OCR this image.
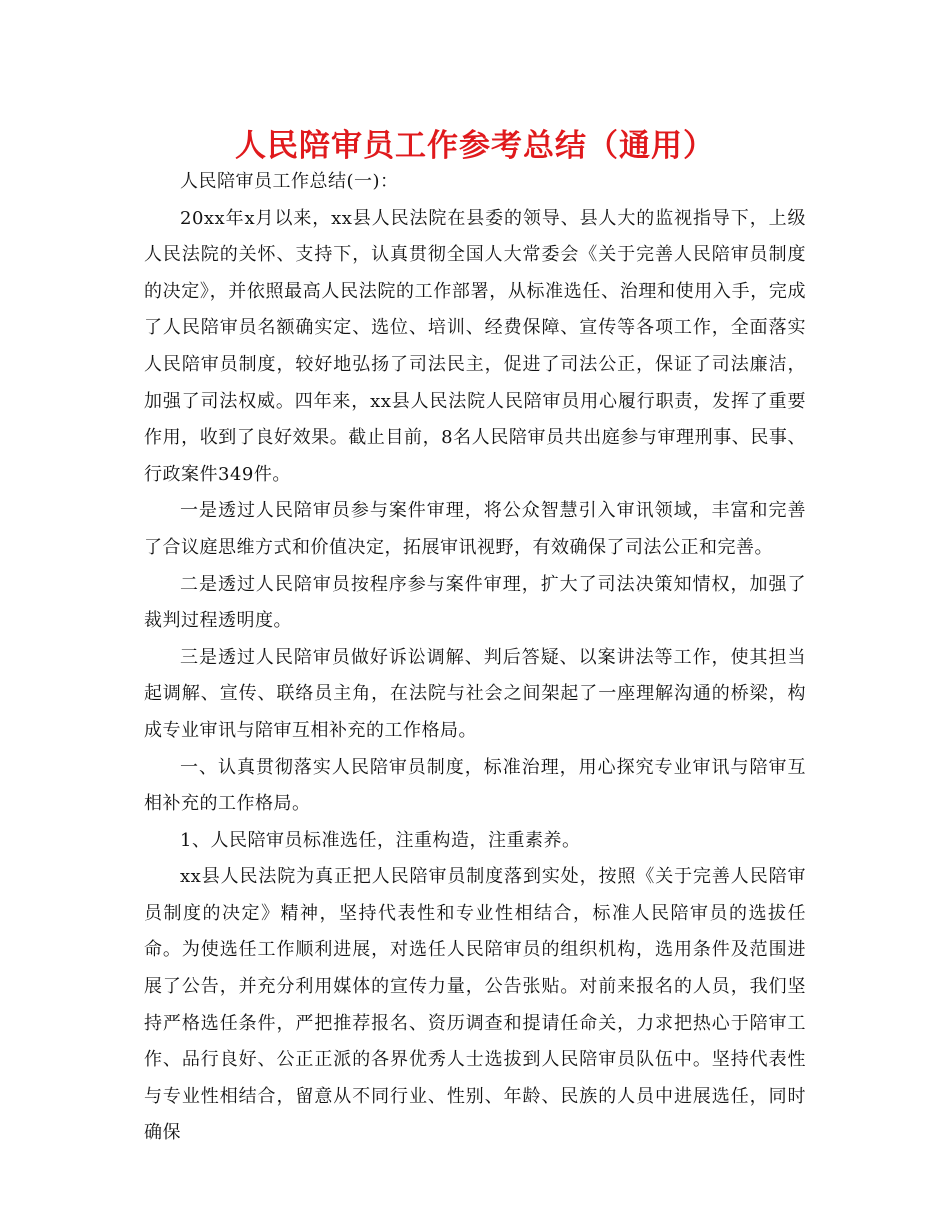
人民陪审员工作参考总结（通用）

人民陪审员工作总结(一)：

20xx年x月以来，xx县人民法院在县委的领导、县人大的监视指导下，上级人民法院的关怀、支持下，认真贯彻全国人大常委会《关于完善人民陪审员制度的决定》，并依照最高人民法院的工作部署，从标准选任、治理和使用入手，完成了人民陪审员名额确实定、选位、培训、经费保障、宣传等各项工作，全面落实人民陪审员制度，较好地弘扬了司法民主，促进了司法公正，保证了司法廉洁，加强了司法权威。四年来，xx县人民法院人民陪审员用心履行职责，发挥了重要作用，收到了良好效果。截止目前，8名人民陪审员共出庭参与审理刑事、民事、行政案件349件。

一是透过人民陪审员参与案件审理，将公众智慧引入审讯领域，丰富和完善了合议庭思维方式和价值决定，拓展审讯视野，有效确保了司法公正和完善。

二是透过人民陪审员按程序参与案件审理，扩大了司法决策知情权，加强了裁判过程透明度。

三是透过人民陪审员做好诉讼调解、判后答疑、以案讲法等工作，使其担当起调解、宣传、联络员主角，在法院与社会之间架起了一座理解沟通的桥梁，构成专业审讯与陪审互相补充的工作格局。

一、认真贯彻落实人民陪审员制度，标准治理，用心探究专业审讯与陪审互相补充的工作格局。

1、人民陪审员标准选任，注重构造，注重素养。

xx县人民法院为真正把人民陪审员制度落到实处，按照《关于完善人民陪审员制度的决定》精神，坚持代表性和专业性相结合，标准人民陪审员的选拔任命。为使选任工作顺利进展，对选任人民陪审员的组织机构，选用条件及范围进展了公告，并充分利用媒体的宣传力量，公告张贴。对前来报名的人员，我们坚持严格选任条件，严把推荐报名、资历调查和提请任命关，力求把热心于陪审工作、品行良好、公正正派的各界优秀人士选拔到人民陪审员队伍中。坚持代表性与专业性相结合，留意从不同行业、性别、年龄、民族的人员中进展选任，同时确保
